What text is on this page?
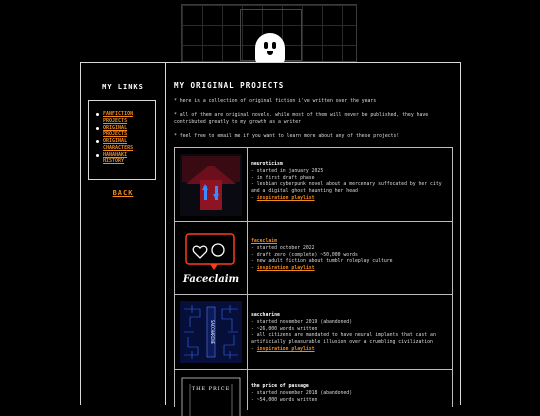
MY LINKS
FANFICTION PROJECTS
ORIGINAL PROJECTS
ORIGINAL CHARACTERS
HANAHAKI HISTORY
BACK
MY ORIGINAL PROJECTS

* here is a collection of original fiction i've written over the years

* all of them are original novels. while most of them will never be published, they have contributed greatly to my growth as a writer

* feel free to email me if you want to learn more about any of these projects!

neuroticism
- started in january 2025
- in first draft phase
- lesbian cyberpunk novel about a mercenary suffocated by her city and a digital ghost haunting her head
- inspiration playlist
Faceclaim
faceclaim
- started october 2022
- draft zero (complete) ~50,000 words
- new adult fiction about tumblr roleplay culture
- inspiration playlist
SACCHARINE
saccharine
- started november 2019 (abandoned)
- ~26,000 words written
- all citizens are mandated to have neural implants that cast an artificially pleasurable illusion over a crumbling civilization
- inspiration playlist
THE PRICE	the price of passage
- started november 2018 (abandoned)
- ~54,000 words written
